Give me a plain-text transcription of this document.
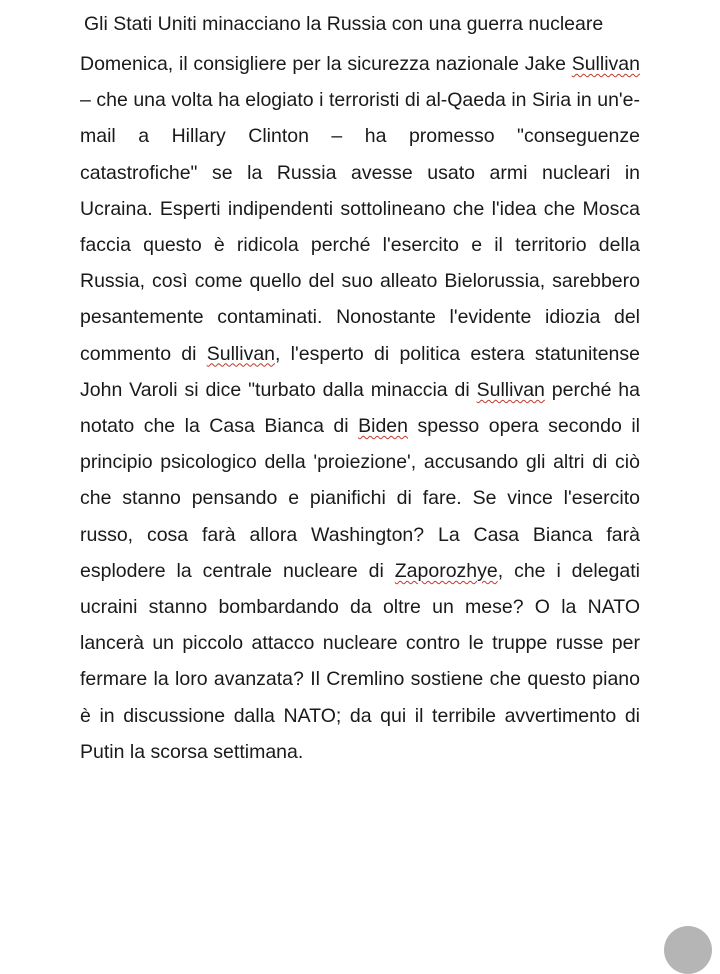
Gli Stati Uniti minacciano la Russia con una guerra nucleare

Domenica, il consigliere per la sicurezza nazionale Jake Sullivan – che una volta ha elogiato i terroristi di al-Qaeda in Siria in un'e-mail a Hillary Clinton – ha promesso "conseguenze catastrofiche" se la Russia avesse usato armi nucleari in Ucraina. Esperti indipendenti sottolineano che l'idea che Mosca faccia questo è ridicola perché l'esercito e il territorio della Russia, così come quello del suo alleato Bielorussia, sarebbero pesantemente contaminati. Nonostante l'evidente idiozia del commento di Sullivan, l'esperto di politica estera statunitense John Varoli si dice "turbato dalla minaccia di Sullivan perché ha notato che la Casa Bianca di Biden spesso opera secondo il principio psicologico della 'proiezione', accusando gli altri di ciò che stanno pensando e pianifichi di fare. Se vince l'esercito russo, cosa farà allora Washington? La Casa Bianca farà esplodere la centrale nucleare di Zaporozhye, che i delegati ucraini stanno bombardando da oltre un mese? O la NATO lancerà un piccolo attacco nucleare contro le truppe russe per fermare la loro avanzata? Il Cremlino sostiene che questo piano è in discussione dalla NATO; da qui il terribile avvertimento di Putin la scorsa settimana.
